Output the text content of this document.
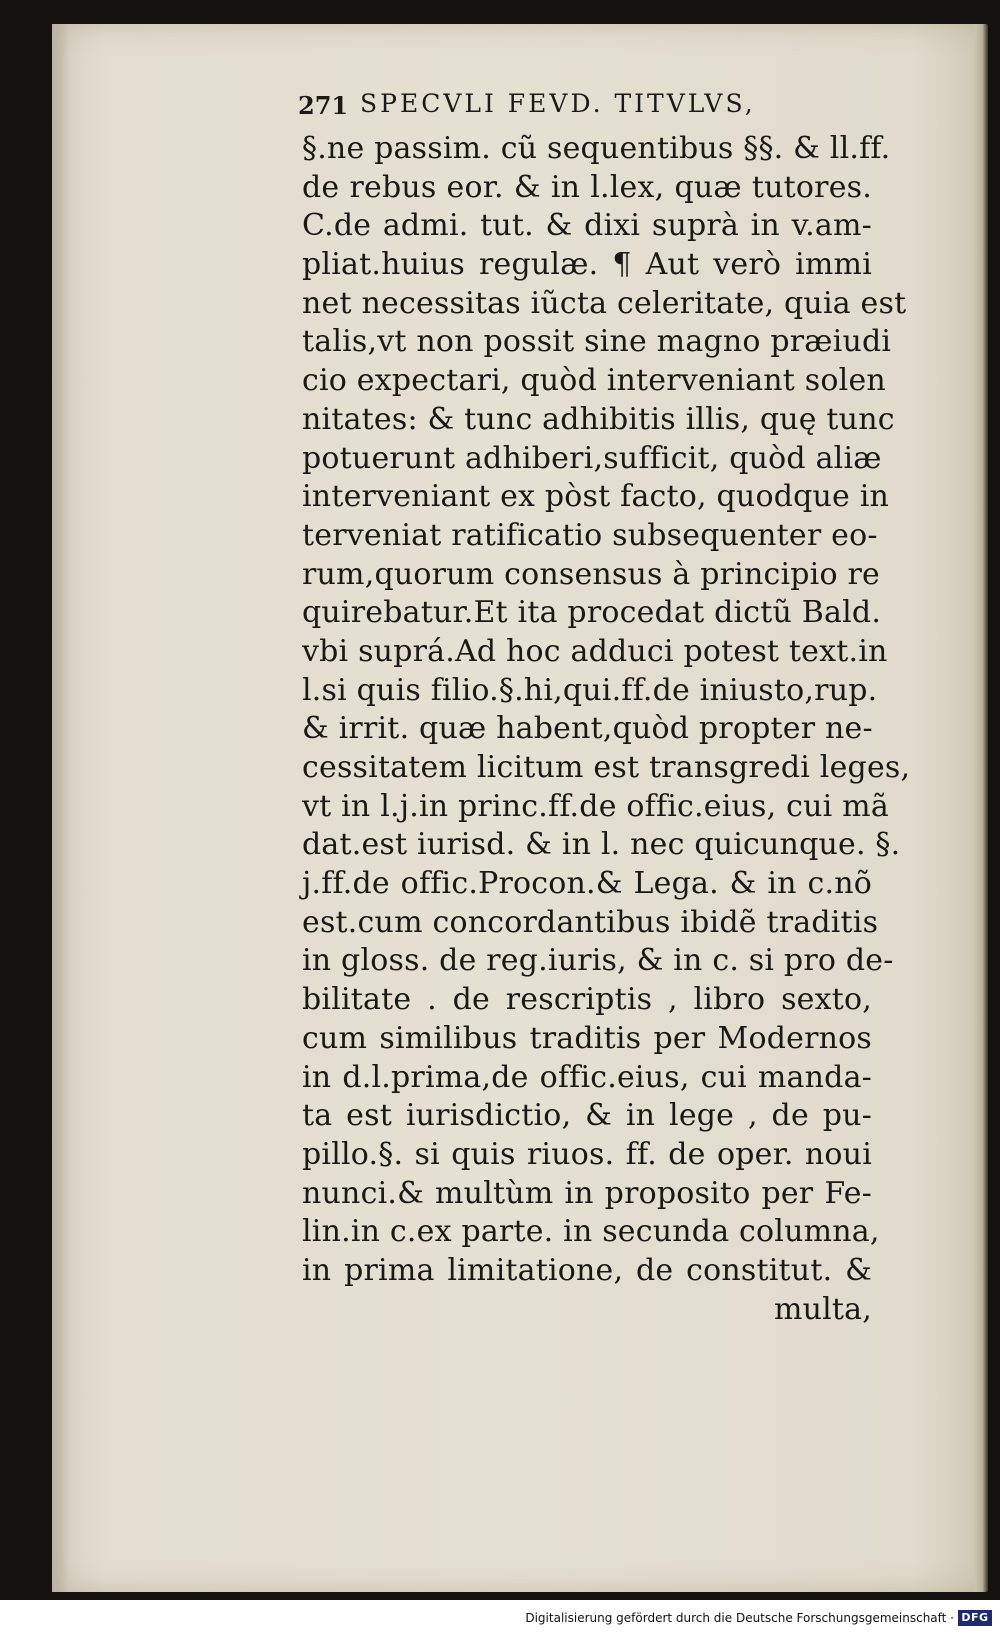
271 SPECVLI FEVD. TITVLVS,
§.ne passim. cũ sequentibus §§. & ll.ff.
de rebus eor. & in l.lex, quæ tutores.
C.de admi. tut. & dixi suprà in v.am-
pliat.huius regulæ. ¶ Aut verò immi
net necessitas iũcta celeritate, quia est
talis,vt non possit sine magno præiudi
cio expectari, quòd interveniant solen
nitates: & tunc adhibitis illis, quę tunc
potuerunt adhiberi,sufficit, quòd aliæ
interveniant ex pòst facto, quodque in
terveniat ratificatio subsequenter eo-
rum,quorum consensus à principio re
quirebatur.Et ita procedat dictũ Bald.
vbi suprá.Ad hoc adduci potest text.in
l.si quis filio.§.hi,qui.ff.de iniusto,rup.
& irrit. quæ habent,quòd propter ne-
cessitatem licitum est transgredi leges,
vt in l.j.in princ.ff.de offic.eius, cui mã
dat.est iurisd. & in l. nec quicunque. §.
j.ff.de offic.Procon.& Lega. & in c.nõ
est.cum concordantibus ibidẽ traditis
in gloss. de reg.iuris, & in c. si pro de-
bilitate . de rescriptis , libro sexto,
cum similibus traditis per Modernos
in d.l.prima,de offic.eius, cui manda-
ta est iurisdictio, & in lege , de pu-
pillo.§. si quis riuos. ff. de oper. noui
nunci.& multùm in proposito per Fe-
lin.in c.ex parte. in secunda columna,
in prima limitatione, de constitut. &
multa,
Digitalisierung gefördert durch die Deutsche Forschungsgemeinschaft · DFG
